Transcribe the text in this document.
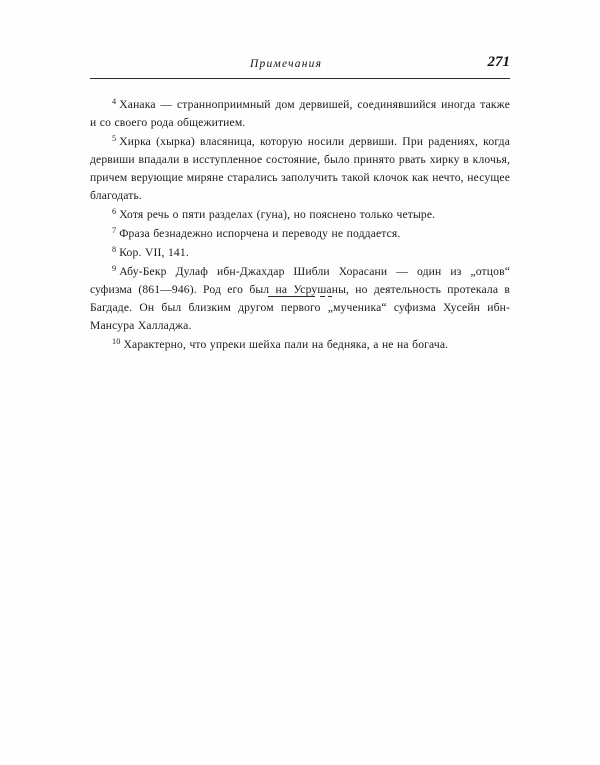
Примечания	271

$^4$ Ханака — странноприимный дом дервишей, соединявшийся иногда также и со своего рода общежитием.

$^5$ Хирка (хырка) власяница, которую носили дервиши. При радениях, когда дервиши впадали в исступленное состояние, было принято рвать хирку в клочья, причем верующие миряне старались заполучить такой клочок как нечто, несущее благодать.

$^6$ Хотя речь о пяти разделах (гуна), но пояснено только четыре.

$^7$ Фраза безнадежно испорчена и переводу не поддается.

$^8$ Кор. VII, 141.

$^9$ Абу-Бекр Дулаф ибн-Джахдар Шибли Хорасани — один из „отцов“ суфизма (861—946). Род его был на Усрушаны, но деятельность протекала в Багдаде. Он был близким другом первого „мученика“ суфизма Хусейн ибн-Мансура Халладжа.

$^{10}$ Характерно, что упреки шейха пали на бедняка, а не на богача.
